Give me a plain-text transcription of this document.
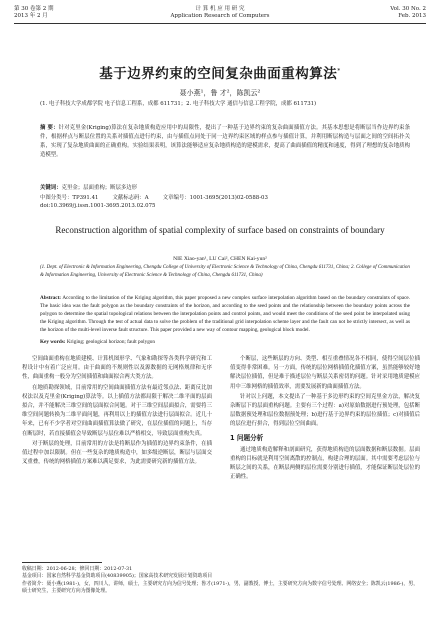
第 30 卷第 2 期
2013 年 2 月
计 算 机 应 用 研 究
Application Research of Computers
Vol. 30 No. 2
Feb. 2013
基于边界约束的空间复杂曲面重构算法*
聂小燕¹，鲁 才²，陈凯云²
(1. 电子科技大学成都学院 电子信息工程系，成都 611731；2. 电子科技大学 通信与信息工程学院，成都 611731)
摘 要：针对克里金(Kriging)算法在复杂地质构造应用中的局限性，提出了一种基于边界约束的复杂曲面插值方法。其基本思想是将断层当作边界约束条件，根据样点与断层位置的关系对插值点进行约束，由与插值点同处于同一边界约束区域的样点参与插值计算，并利用断层构造与层面之间的空间拓扑关系，实现了复杂地质曲面的正确重构。实验结果表明，该算法能够适应复杂地质构造的建模需求，提高了曲面插值的精度和速度，得到了理想的复杂地质构造模型。
关键词：克里金；层面重构；断层多边形
中图分类号：TP391.41	文献标志码：A	文章编号：1001-3695(2013)02-0588-03
doi:10.3969/j.issn.1001-3695.2013.02.075
Reconstruction algorithm of spatial complexity of surface based on constraints of boundary
NIE Xiao-yan¹, LU Cai², CHEN Kai-yun²
(1. Dept. of Electronic & Information Engineering, Chengdu College of University of Electronic Science & Technology of China, Chengdu 611731, China; 2. College of Communication & Information Engineering, University of Electronic Science & Technology of China, Chengdu 611731, China)
Abstract: According to the limitation of the Kriging algorithm, this paper proposed a new complex surface interpolation algorithm based on the boundary constraints of space. The basic idea was the fault polygon as the boundary constraints of the horizon, and according to the seed points and the relationship between the boundary points across the polygon to determine the spatial topological relations between the interpolation points and control points, and would meet the conditions of the seed point be interpolated using the Kriging algorithm. Through the test of actual data to solve the problem of the traditional grid interpolation scheme layer and the fault can not be strictly intersect, as well as the horizon of the multi-level inverse fault structure. This paper provided a new way of contour mapping, geological block model.
Key words: Kriging; geological horizon; fault polygon

空间曲面重构在地质建模、计算机图形学、气象和勘探等各类科学研究和工程设计中有着广泛应用。由于曲面的不规则性以及源数据的无网格规律和无序性，曲面重构一般分为空间插值和曲面拟合两大类方法。

在地质勘探领域，目前常用的空间曲面插值方法有最近邻点法、距离反比加权法以及克里金(Kriging)算法等。以上插值方法都局限于解决二维平面的层面拟合，并不能解决三维空间的层面拟合问题。对于三维空间层面拟合，需要将三维空间问题转换为二维平面问题，再利用以上的插值方法进行层面拟合。近几十年来，已有不少学者对空间曲面插值算法做了研究，在层位插值的问题上，当存在断层时，若直接插值会导致断层与层位难以严格相交，导致层面重构失真。

对于断层的处理，目前常用的方法是将断层作为插值的边界约束条件，在插值过程中加以限制。但在一些复杂的地质构造中，如多级逆断层，断层与层面交叉重叠，传统的网格插值方案难以满足要求，为此需要研究新的插值方法。

个断层，这些断层的方向、类型、相互重叠情况各不相同，使得空间层位插值变得非常困难。另一方面，传统的层位网格插值化插值方案，虽然能够较好地解决层位插值，但是难于描述层位与断层关系密切的问题。针对采用地质建模应用中三维网格的插值效率，需要发展新的曲面插值方法。

针对以上问题，本文提出了一种基于多边形约束的空间克里金方法，解决复杂断层下的层面重构问题。主要有三个过程：a)对原始数据进行预处理，包括断层数据预处理和层位数据预处理；b)进行基于边界约束的层位插值；c)对插值后的层位进行拼合，得到层位空间曲面。

1 问题分析

通过地质构造解释和剖面研究，获得地质构造的层面数据和断层数据。层面重构的目标就是利用空间离散的控制点，构建合理的层面。其中需要考虑层位与断层之间的关系，在断层两侧的层位需要分别进行插值，才能保证断层处层位的正确性。

收稿日期：2012-06-28；修回日期：2012-07-31
基金项目：国家自然科学基金资助项目(40839905)；国家高技术研究发展计划资助项目
作者简介：聂小燕(1981-)，女，四川人，讲师，硕士，主要研究方向为信号处理；鲁才(1971-)，男，副教授，博士，主要研究方向为数字信号处理、网络安全；陈凯云(1986-)，男，硕士研究生，主要研究方向为图像处理。
